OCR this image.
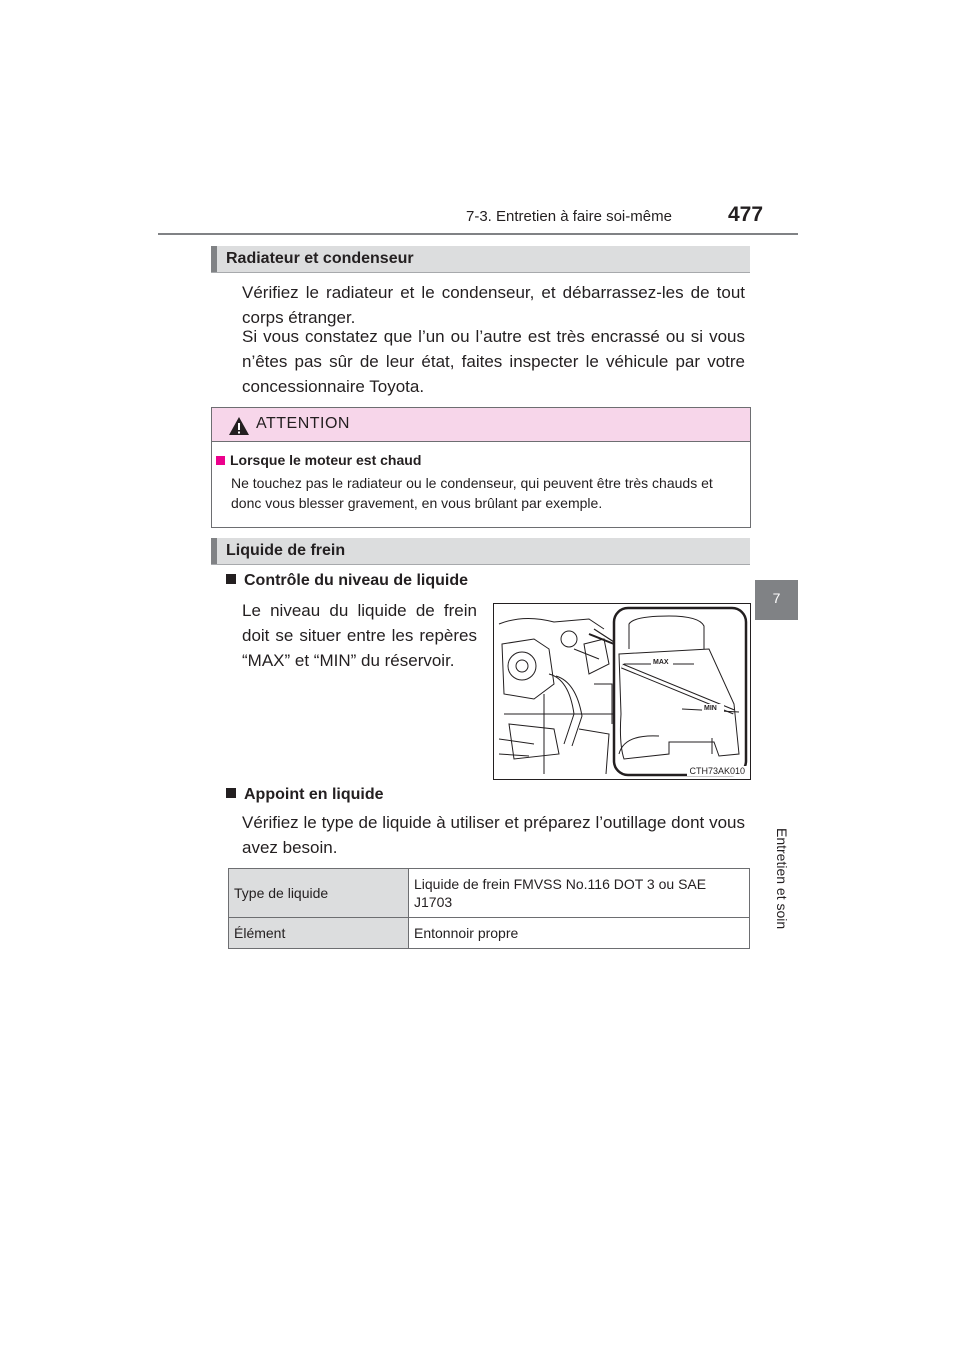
7-3. Entretien à faire soi-même	477
Radiateur et condenseur
Vérifiez le radiateur et le condenseur, et débarrassez-les de tout corps étranger.
Si vous constatez que l’un ou l’autre est très encrassé ou si vous n’êtes pas sûr de leur état, faites inspecter le véhicule par votre concessionnaire Toyota.
ATTENTION
Lorsque le moteur est chaud
Ne touchez pas le radiateur ou le condenseur, qui peuvent être très chauds et donc vous blesser gravement, en vous brûlant par exemple.
Liquide de frein
Contrôle du niveau de liquide
Le niveau du liquide de frein doit se situer entre les repères “MAX” et “MIN” du réservoir.	MAX
MIN
CTH73AK010
Appoint en liquide
Vérifiez le type de liquide à utiliser et préparez l’outillage dont vous avez besoin.
Type de liquide	Liquide de frein FMVSS No.116 DOT 3 ou SAE J1703
Élément	Entonnoir propre
7
Entretien et soin
